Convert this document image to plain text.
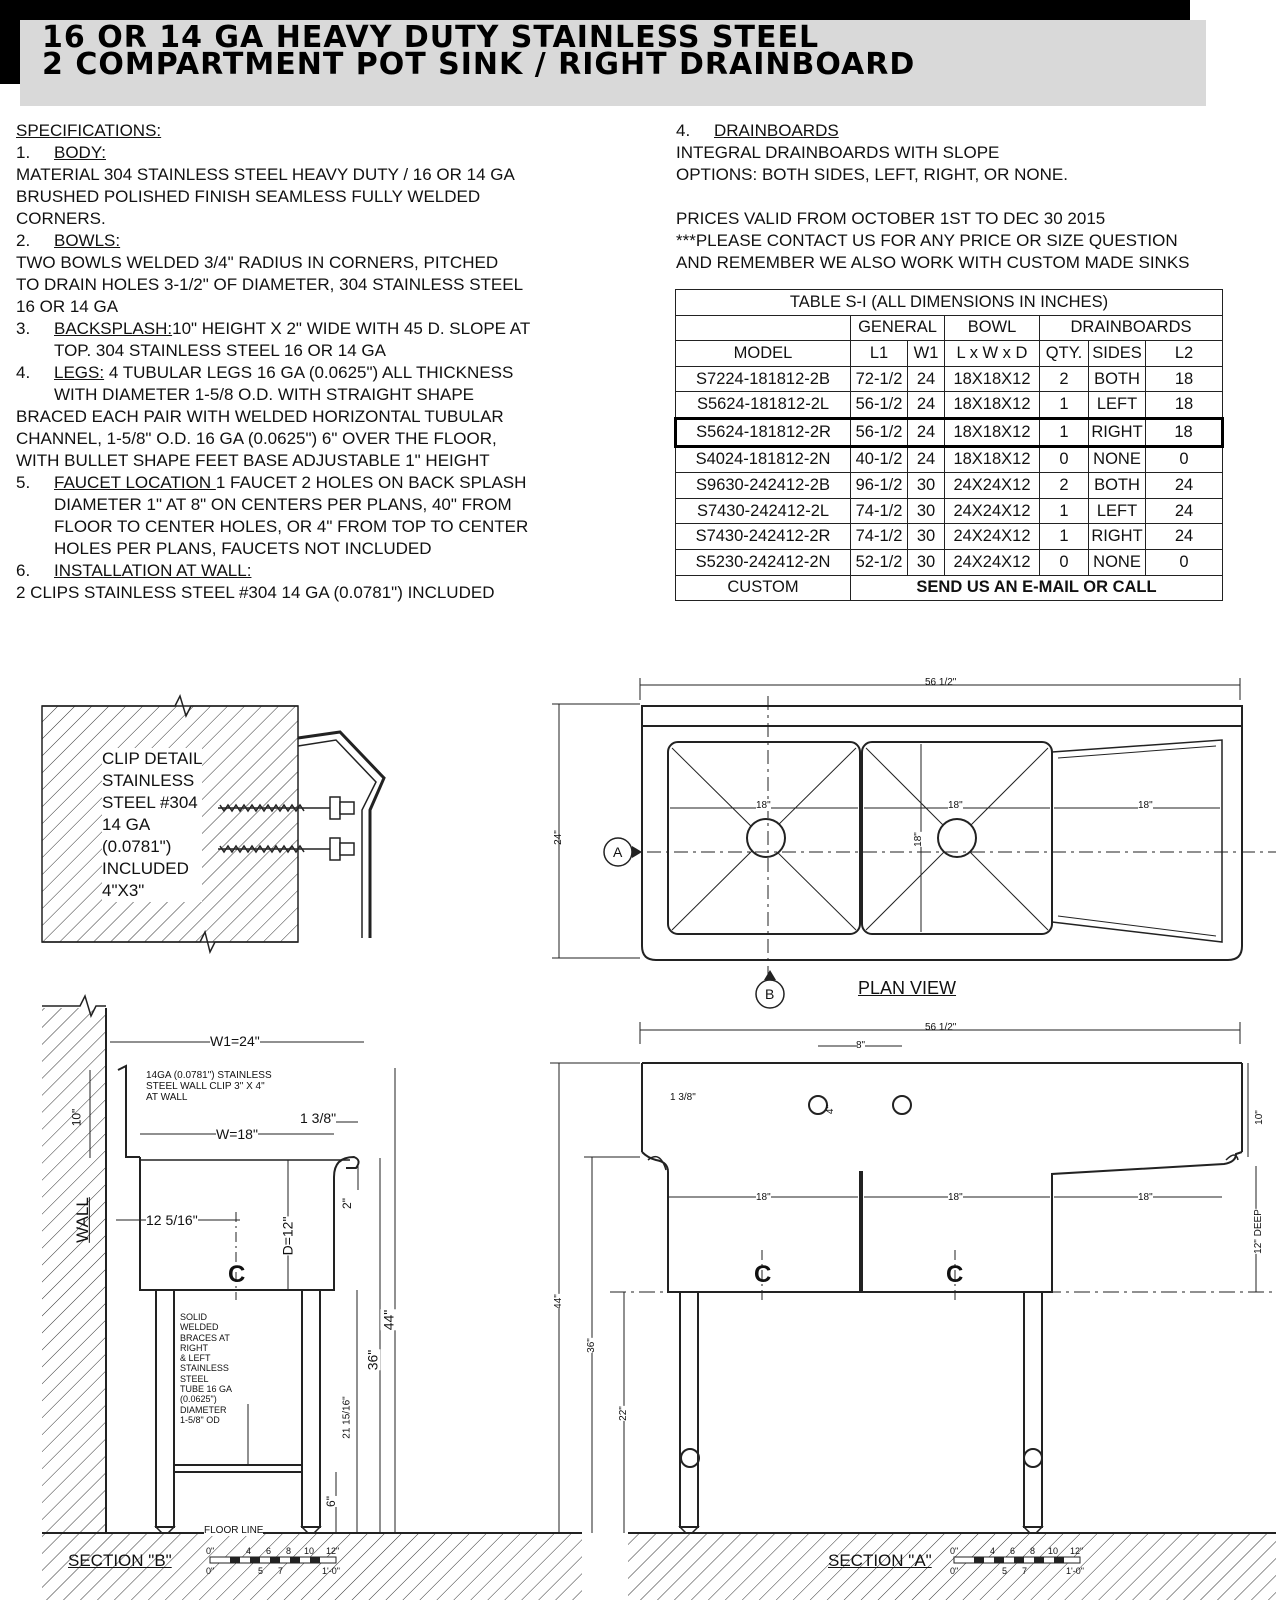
16 OR 14 GA HEAVY DUTY STAINLESS STEEL
2 COMPARTMENT POT SINK / RIGHT DRAINBOARD
SPECIFICATIONS:
1. BODY:
MATERIAL 304 STAINLESS STEEL HEAVY DUTY / 16 OR 14 GA
BRUSHED POLISHED FINISH SEAMLESS FULLY WELDED
CORNERS.
2. BOWLS:
TWO BOWLS WELDED 3/4" RADIUS IN CORNERS, PITCHED
TO DRAIN HOLES 3-1/2" OF DIAMETER, 304 STAINLESS STEEL
16 OR 14 GA
3. BACKSPLASH:10" HEIGHT X 2" WIDE WITH 45 D. SLOPE AT
TOP. 304 STAINLESS STEEL 16 OR 14 GA
4. LEGS: 4 TUBULAR LEGS 16 GA (0.0625") ALL THICKNESS
WITH DIAMETER 1-5/8 O.D. WITH STRAIGHT SHAPE
BRACED EACH PAIR WITH WELDED HORIZONTAL TUBULAR
CHANNEL, 1-5/8" O.D. 16 GA (0.0625") 6" OVER THE FLOOR,
WITH BULLET SHAPE FEET BASE ADJUSTABLE 1" HEIGHT
5. FAUCET LOCATION 1 FAUCET 2 HOLES ON BACK SPLASH
DIAMETER 1" AT 8" ON CENTERS PER PLANS, 40" FROM
FLOOR TO CENTER HOLES, OR 4" FROM TOP TO CENTER
HOLES PER PLANS, FAUCETS NOT INCLUDED
6. INSTALLATION AT WALL:
2 CLIPS STAINLESS STEEL #304 14 GA (0.0781") INCLUDED
4. DRAINBOARDS
INTEGRAL DRAINBOARDS WITH SLOPE
OPTIONS: BOTH SIDES, LEFT, RIGHT, OR NONE.
PRICES VALID FROM OCTOBER 1ST TO DEC 30 2015
***PLEASE CONTACT US FOR ANY PRICE OR SIZE QUESTION
AND REMEMBER WE ALSO WORK WITH CUSTOM MADE SINKS
TABLE S-I (ALL DIMENSIONS IN INCHES)						
	GENERAL		BOWL	DRAINBOARDS		
MODEL	L1	W1	L x W x D	QTY.	SIDES	L2
S7224-181812-2B	72-1/2	24	18X18X12	2	BOTH	18
S5624-181812-2L	56-1/2	24	18X18X12	1	LEFT	18
S5624-181812-2R	56-1/2	24	18X18X12	1	RIGHT	18
S4024-181812-2N	40-1/2	24	18X18X12	0	NONE	0
S9630-242412-2B	96-1/2	30	24X24X12	2	BOTH	24
S7430-242412-2L	74-1/2	30	24X24X12	1	LEFT	24
S7430-242412-2R	74-1/2	30	24X24X12	1	RIGHT	24
S5230-242412-2N	52-1/2	30	24X24X12	0	NONE	0
CUSTOM	SEND US AN E-MAIL OR CALL					
CLIP DETAIL
STAINLESS
STEEL #304
14 GA
(0.0781")
INCLUDED
4"X3"
56 1/2"
24"
18"	18"	18"
18"
A
B	PLAN VIEW
W1=24"
14GA (0.0781") STAINLESS
STEEL WALL CLIP 3" X 4"
AT WALL
10"
W=18"
1 3/8"
12 5/16"	D=12"
2"
WALL
C
SOLID
WELDED
BRACES AT
RIGHT
& LEFT
STAINLESS
STEEL
TUBE 16 GA
(0.0625")
DIAMETER
1-5/8" OD
36"
44"
21 15/16"
6"
FLOOR LINE
SECTION "B"
56 1/2"
8"
1 3/8"
4"
10"
18"	18"	18"
12" DEEP
44"
36"
22"
C	C
SECTION "A"
0"	4 6 8 10 12"
0"	5 7	1'-0"
0"	4 6 8 10 12"
0"	5 7	1'-0"
